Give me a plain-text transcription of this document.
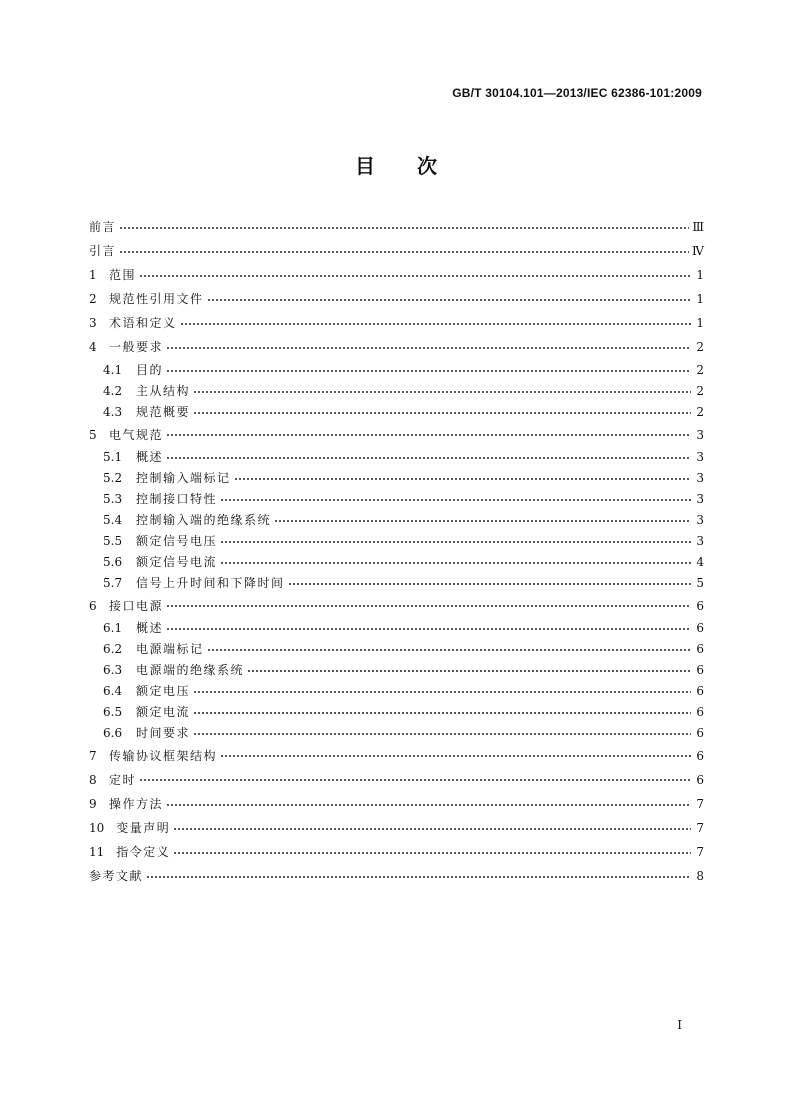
GB/T 30104.101—2013/IEC 62386-101:2009
目 次
前言	Ⅲ
引言	Ⅳ
1	范围	1
2	规范性引用文件	1
3	术语和定义	1
4	一般要求	2
4.1	目的	2
4.2	主从结构	2
4.3	规范概要	2
5	电气规范	3
5.1	概述	3
5.2	控制输入端标记	3
5.3	控制接口特性	3
5.4	控制输入端的绝缘系统	3
5.5	额定信号电压	3
5.6	额定信号电流	4
5.7	信号上升时间和下降时间	5
6	接口电源	6
6.1	概述	6
6.2	电源端标记	6
6.3	电源端的绝缘系统	6
6.4	额定电压	6
6.5	额定电流	6
6.6	时间要求	6
7	传输协议框架结构	6
8	定时	6
9	操作方法	7
10 变量声明	7
11 指令定义	7
参考文献	8
I
